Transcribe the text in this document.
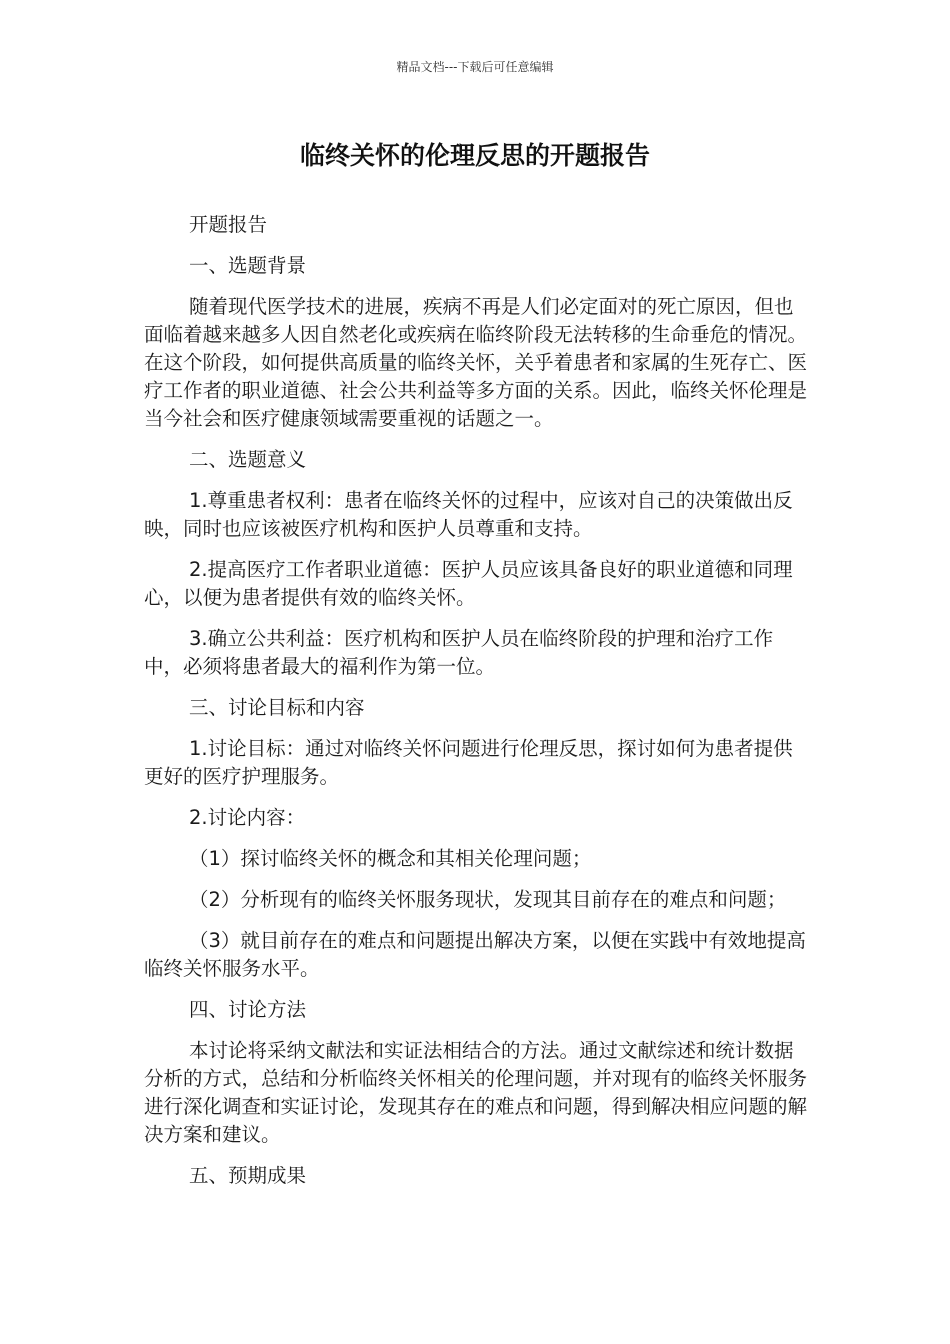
精品文档---下载后可任意编辑
临终关怀的伦理反思的开题报告

开题报告

一、选题背景

随着现代医学技术的进展，疾病不再是人们必定面对的死亡原因，但也面临着越来越多人因自然老化或疾病在临终阶段无法转移的生命垂危的情况。在这个阶段，如何提供高质量的临终关怀，关乎着患者和家属的生死存亡、医疗工作者的职业道德、社会公共利益等多方面的关系。因此，临终关怀伦理是当今社会和医疗健康领域需要重视的话题之一。

二、选题意义

1.尊重患者权利：患者在临终关怀的过程中，应该对自己的决策做出反映，同时也应该被医疗机构和医护人员尊重和支持。

2.提高医疗工作者职业道德：医护人员应该具备良好的职业道德和同理心，以便为患者提供有效的临终关怀。

3.确立公共利益：医疗机构和医护人员在临终阶段的护理和治疗工作中，必须将患者最大的福利作为第一位。

三、讨论目标和内容

1.讨论目标：通过对临终关怀问题进行伦理反思，探讨如何为患者提供更好的医疗护理服务。

2.讨论内容：

（1）探讨临终关怀的概念和其相关伦理问题；

（2）分析现有的临终关怀服务现状，发现其目前存在的难点和问题；

（3）就目前存在的难点和问题提出解决方案，以便在实践中有效地提高临终关怀服务水平。

四、讨论方法

本讨论将采纳文献法和实证法相结合的方法。通过文献综述和统计数据分析的方式，总结和分析临终关怀相关的伦理问题，并对现有的临终关怀服务进行深化调查和实证讨论，发现其存在的难点和问题，得到解决相应问题的解决方案和建议。

五、预期成果
